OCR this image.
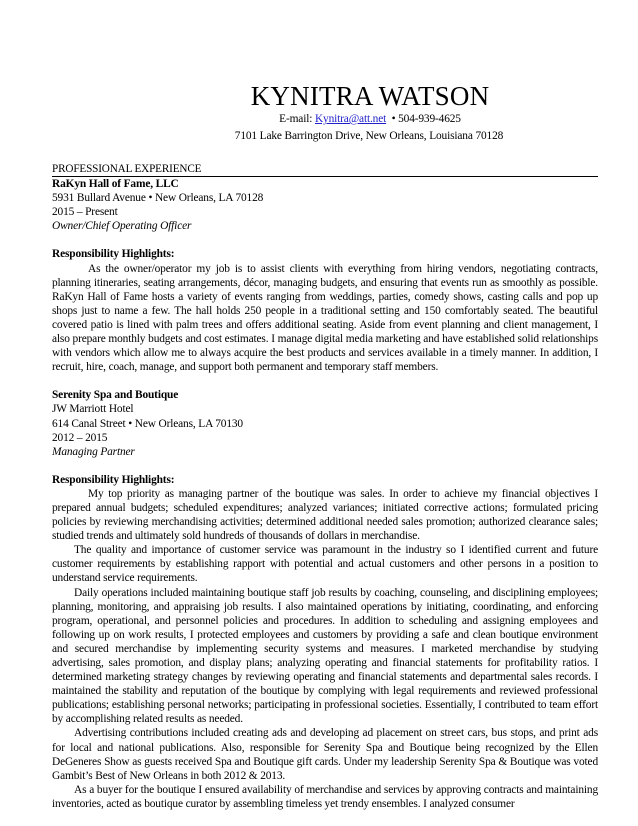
KYNITRA WATSON
E-mail: Kynitra@att.net • 504-939-4625
7101 Lake Barrington Drive, New Orleans, Louisiana 70128
PROFESSIONAL EXPERIENCE
RaKyn Hall of Fame, LLC
5931 Bullard Avenue • New Orleans, LA 70128
2015 – Present
Owner/Chief Operating Officer
Responsibility Highlights:

As the owner/operator my job is to assist clients with everything from hiring vendors, negotiating contracts, planning itineraries, seating arrangements, décor, managing budgets, and ensuring that events run as smoothly as possible. RaKyn Hall of Fame hosts a variety of events ranging from weddings, parties, comedy shows, casting calls and pop up shops just to name a few. The hall holds 250 people in a traditional setting and 150 comfortably seated. The beautiful covered patio is lined with palm trees and offers additional seating. Aside from event planning and client management, I also prepare monthly budgets and cost estimates. I manage digital media marketing and have established solid relationships with vendors which allow me to always acquire the best products and services available in a timely manner. In addition, I recruit, hire, coach, manage, and support both permanent and temporary staff members.

Serenity Spa and Boutique
JW Marriott Hotel
614 Canal Street • New Orleans, LA 70130
2012 – 2015
Managing Partner
Responsibility Highlights:

My top priority as managing partner of the boutique was sales. In order to achieve my financial objectives I prepared annual budgets; scheduled expenditures; analyzed variances; initiated corrective actions; formulated pricing policies by reviewing merchandising activities; determined additional needed sales promotion; authorized clearance sales; studied trends and ultimately sold hundreds of thousands of dollars in merchandise.

The quality and importance of customer service was paramount in the industry so I identified current and future customer requirements by establishing rapport with potential and actual customers and other persons in a position to understand service requirements.

Daily operations included maintaining boutique staff job results by coaching, counseling, and disciplining employees; planning, monitoring, and appraising job results. I also maintained operations by initiating, coordinating, and enforcing program, operational, and personnel policies and procedures. In addition to scheduling and assigning employees and following up on work results, I protected employees and customers by providing a safe and clean boutique environment and secured merchandise by implementing security systems and measures. I marketed merchandise by studying advertising, sales promotion, and display plans; analyzing operating and financial statements for profitability ratios. I determined marketing strategy changes by reviewing operating and financial statements and departmental sales records. I maintained the stability and reputation of the boutique by complying with legal requirements and reviewed professional publications; establishing personal networks; participating in professional societies. Essentially, I contributed to team effort by accomplishing related results as needed.

Advertising contributions included creating ads and developing ad placement on street cars, bus stops, and print ads for local and national publications. Also, responsible for Serenity Spa and Boutique being recognized by the Ellen DeGeneres Show as guests received Spa and Boutique gift cards. Under my leadership Serenity Spa & Boutique was voted Gambit’s Best of New Orleans in both 2012 & 2013.

As a buyer for the boutique I ensured availability of merchandise and services by approving contracts and maintaining inventories, acted as boutique curator by assembling timeless yet trendy ensembles. I analyzed consumer
